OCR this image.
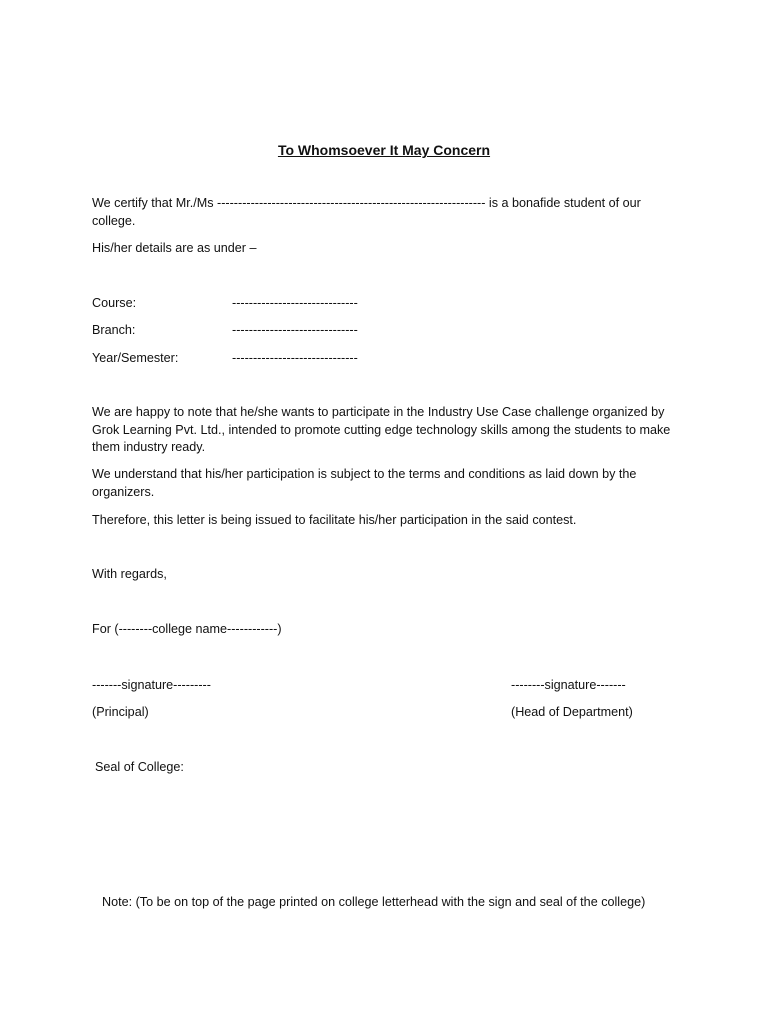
To Whomsoever It May Concern
We certify that Mr./Ms ---------------------------------------------------------------- is a bonafide student of our college.
His/her details are as under –
Course:	------------------------------
Branch:	------------------------------
Year/Semester:	------------------------------
We are happy to note that he/she wants to participate in the Industry Use Case challenge organized by Grok Learning Pvt. Ltd., intended to promote cutting edge technology skills among the students to make them industry ready.
We understand that his/her participation is subject to the terms and conditions as laid down by the organizers.
Therefore, this letter is being issued to facilitate his/her participation in the said contest.
With regards,
For (--------college name------------)
-------signature---------	--------signature-------
(Principal)	(Head of Department)
Seal of College:
Note: (To be on top of the page printed on college letterhead with the sign and seal of the college)
